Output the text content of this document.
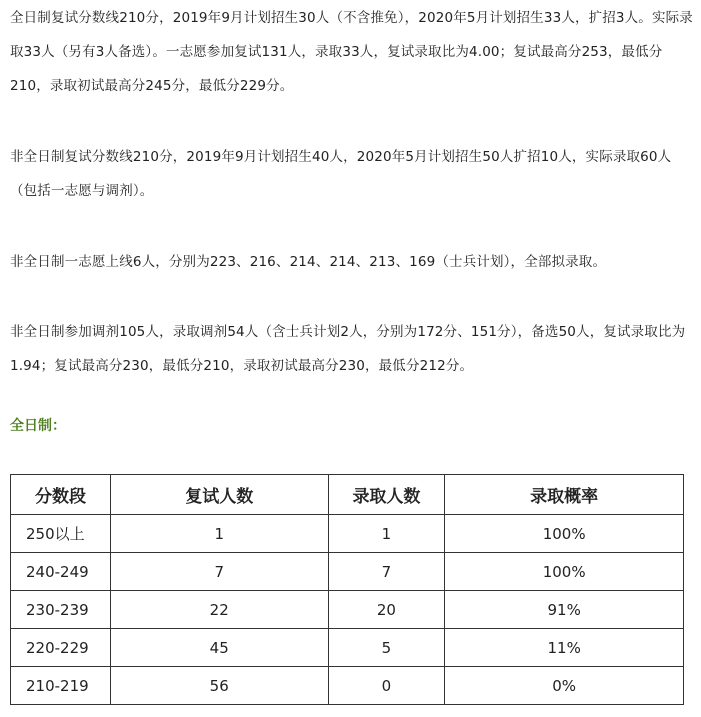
全日制复试分数线210分，2019年9月计划招生30人（不含推免），2020年5月计划招生33人，扩招3人。实际录取33人（另有3人备选）。一志愿参加复试131人，录取33人，复试录取比为4.00；复试最高分253，最低分210，录取初试最高分245分，最低分229分。

非全日制复试分数线210分，2019年9月计划招生40人，2020年5月计划招生50人扩招10人，实际录取60人（包括一志愿与调剂）。

非全日制一志愿上线6人，分别为223、216、214、214、213、169（士兵计划），全部拟录取。

非全日制参加调剂105人，录取调剂54人（含士兵计划2人，分别为172分、151分），备选50人，复试录取比为1.94；复试最高分230，最低分210，录取初试最高分230，最低分212分。

全日制：
分数段	复试人数	录取人数	录取概率
250以上	1	1	100%
240-249	7	7	100%
230-239	22	20	91%
220-229	45	5	11%
210-219	56	0	0%
